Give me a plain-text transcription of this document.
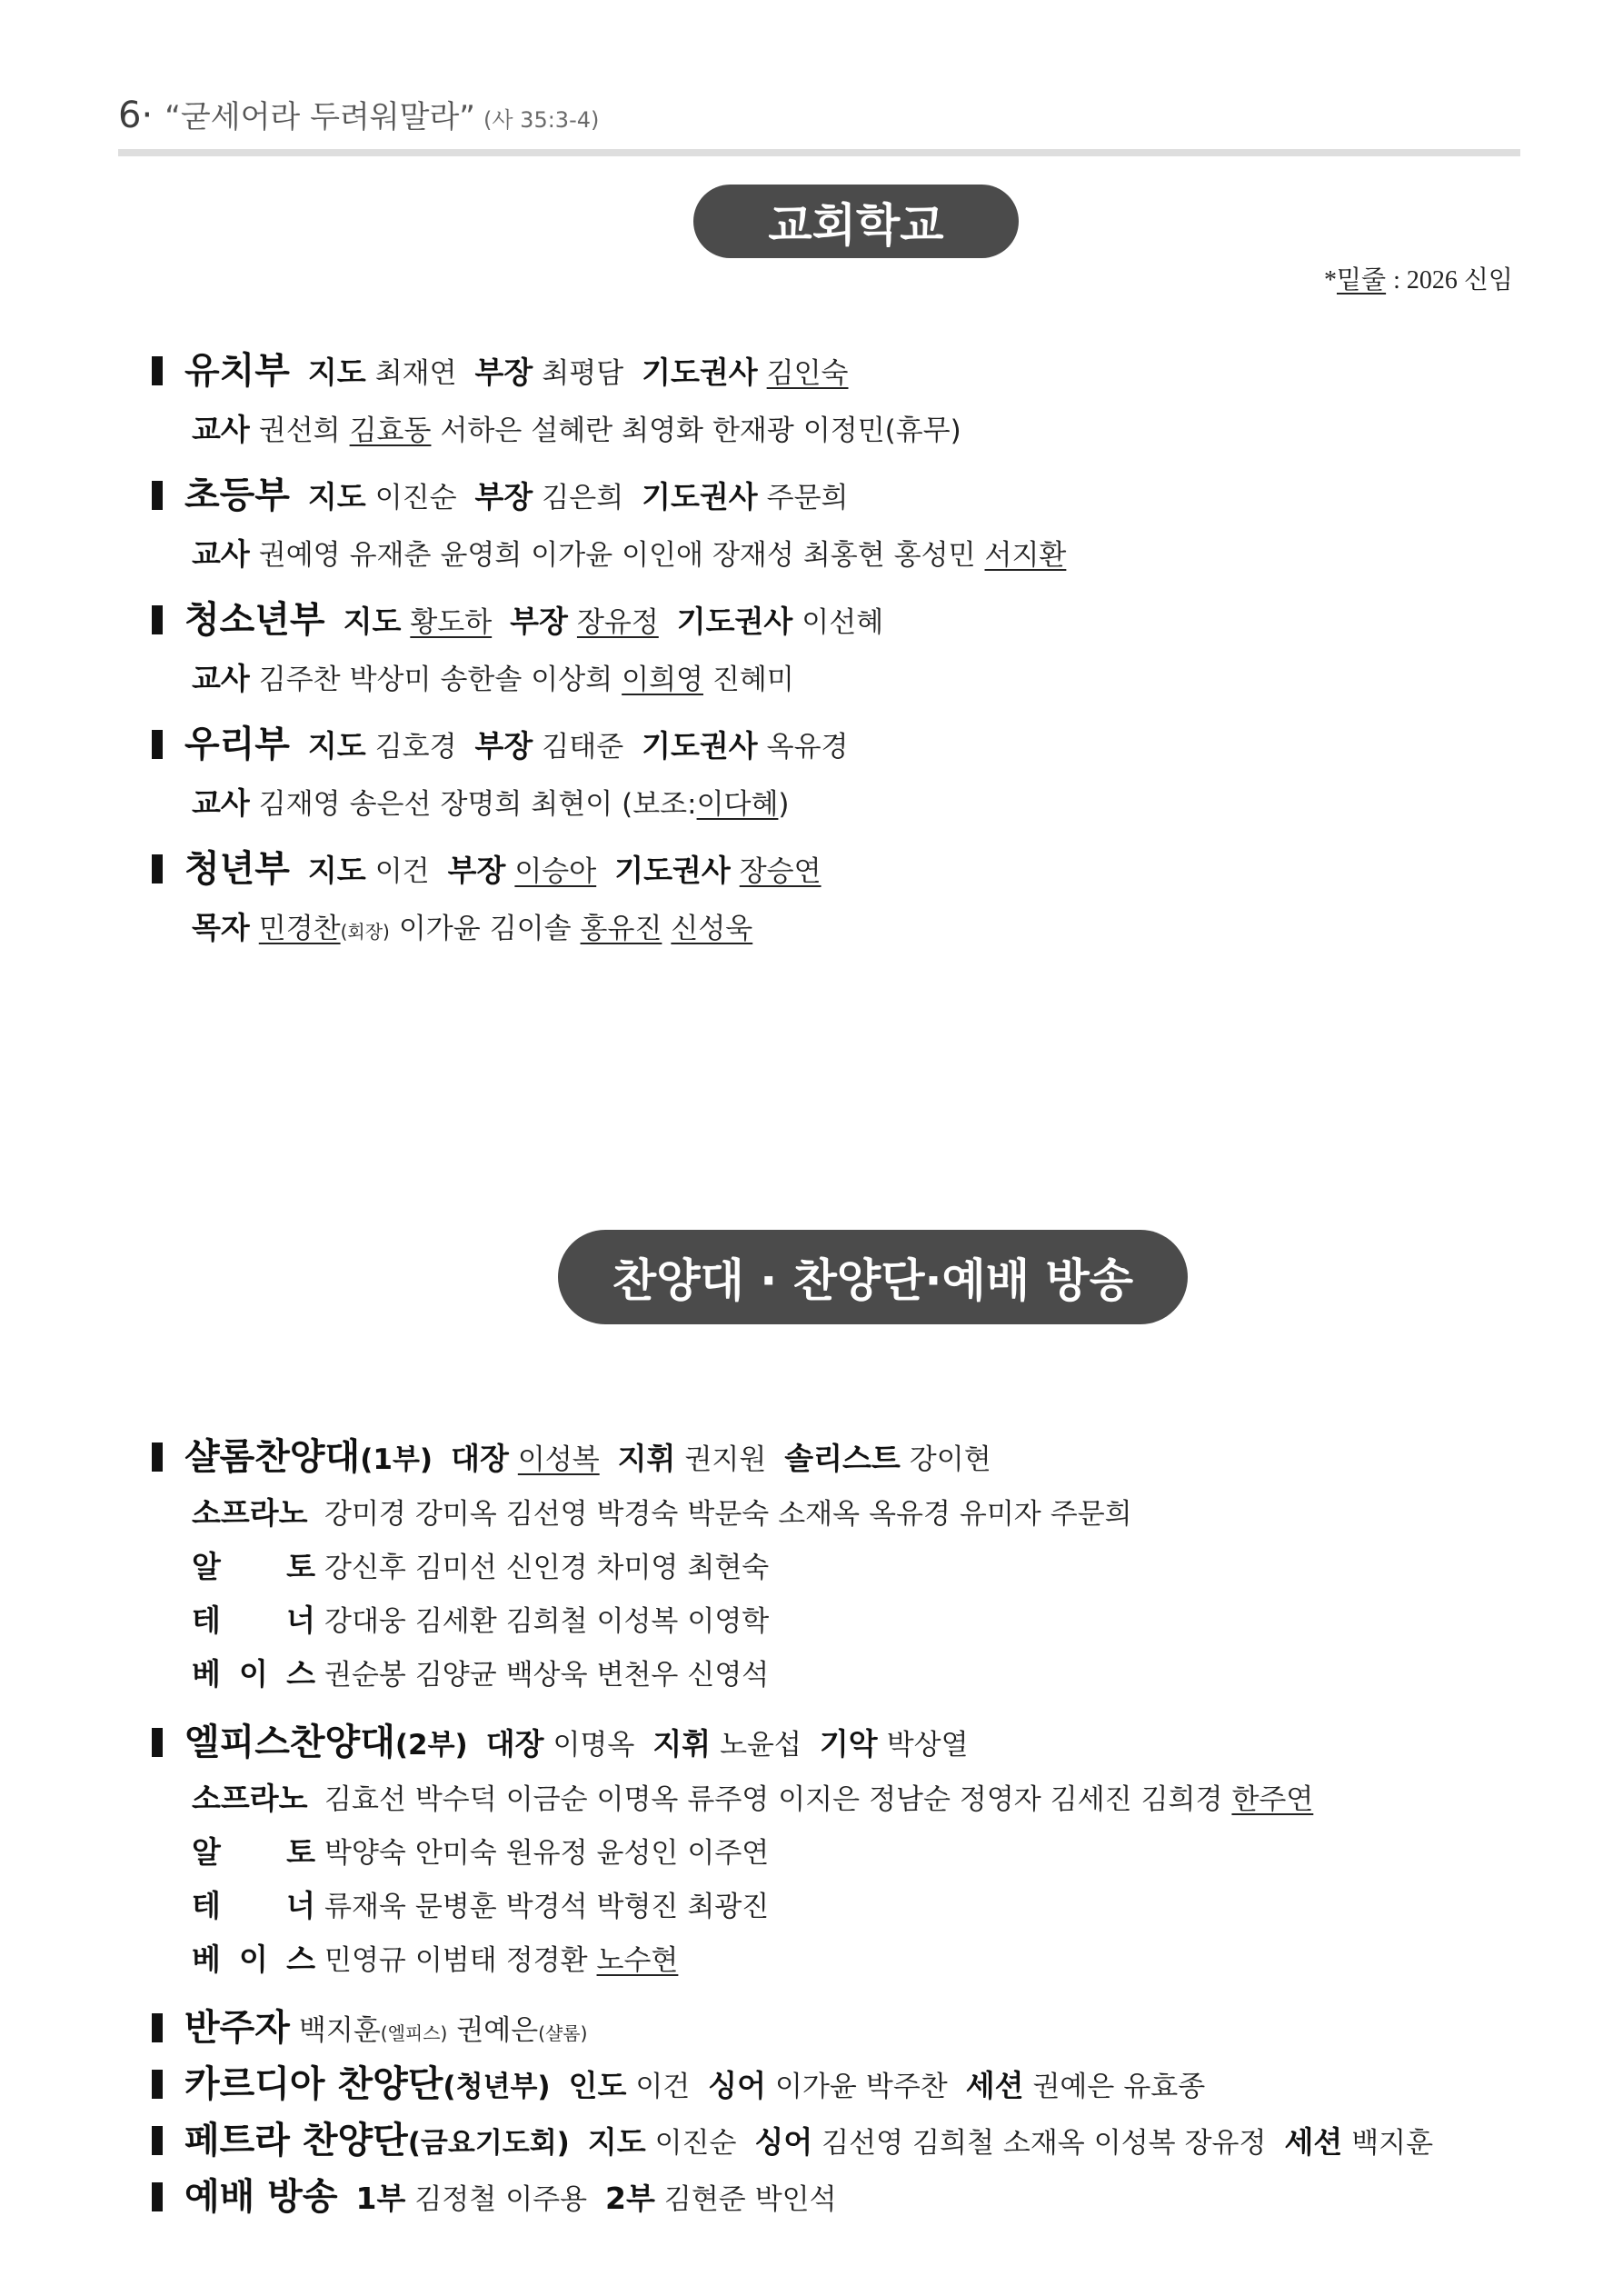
6· “굳세어라 두려워말라” (사 35:3-4)
교회학교
*밑줄 : 2026 신임
유치부 지도 최재연 부장 최평담 기도권사 김인숙
교사 권선희 김효동 서하은 설혜란 최영화 한재광 이정민(휴무)
초등부 지도 이진순 부장 김은희 기도권사 주문희
교사 권예영 유재춘 윤영희 이가윤 이인애 장재성 최홍현 홍성민 서지환
청소년부 지도 황도하 부장 장유정 기도권사 이선혜
교사 김주찬 박상미 송한솔 이상희 이희영 진혜미
우리부 지도 김호경 부장 김태준 기도권사 옥유경
교사 김재영 송은선 장명희 최현이 (보조:이다혜)
청년부 지도 이건 부장 이승아 기도권사 장승연
목자 민경찬(회장) 이가윤 김이솔 홍유진 신성욱
찬양대 · 찬양단·예배 방송
샬롬찬양대(1부) 대장 이성복 지휘 권지원 솔리스트 강이현
소프라노 강미경 강미옥 김선영 박경숙 박문숙 소재옥 옥유경 유미자 주문희
알 토 강신후 김미선 신인경 차미영 최현숙
테 너 강대웅 김세환 김희철 이성복 이영학
베 이 스 권순봉 김양균 백상욱 변천우 신영석
엘피스찬양대(2부) 대장 이명옥 지휘 노윤섭 기악 박상열
소프라노 김효선 박수덕 이금순 이명옥 류주영 이지은 정남순 정영자 김세진 김희경 한주연
알 토 박양숙 안미숙 원유정 윤성인 이주연
테 너 류재욱 문병훈 박경석 박형진 최광진
베 이 스 민영규 이범태 정경환 노수현
반주자 백지훈(엘피스) 권예은(샬롬)
카르디아 찬양단(청년부) 인도 이건 싱어 이가윤 박주찬 세션 권예은 유효종
페트라 찬양단(금요기도회) 지도 이진순 싱어 김선영 김희철 소재옥 이성복 장유정 세션 백지훈
예배 방송 1부 김정철 이주용 2부 김현준 박인석
